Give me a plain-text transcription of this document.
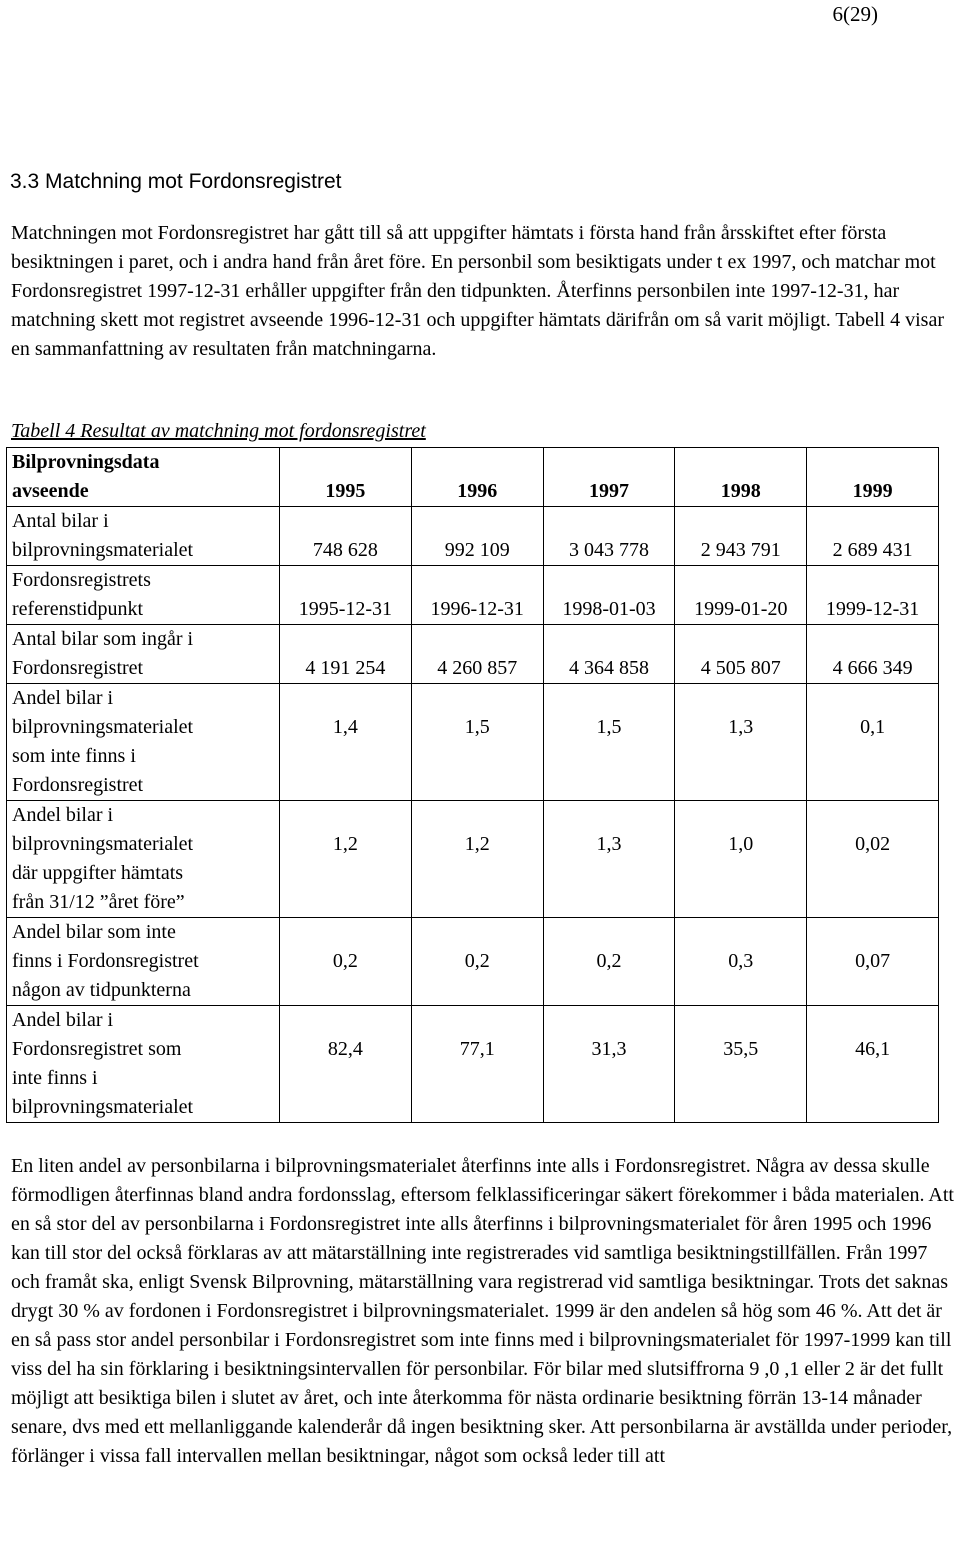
6(29)
3.3 Matchning mot Fordonsregistret

Matchningen mot Fordonsregistret har gått till så att uppgifter hämtats i första hand från årsskiftet efter första besiktningen i paret, och i andra hand från året före. En personbil som besiktigats under t ex 1997, och matchar mot Fordonsregistret 1997-12-31 erhåller uppgifter från den tidpunkten. Återfinns personbilen inte 1997-12-31, har matchning skett mot registret avseende 1996-12-31 och uppgifter hämtats därifrån om så varit möjligt. Tabell 4 visar en sammanfattning av resultaten från matchningarna.

Tabell 4 Resultat av matchning mot fordonsregistret
Bilprovningsdata
avseende	1995	1996	1997	1998	1999
Antal bilar i
bilprovningsmaterialet	748 628	992 109	3 043 778	2 943 791	2 689 431
Fordonsregistrets
referenstidpunkt	1995-12-31	1996-12-31	1998-01-03	1999-01-20	1999-12-31
Antal bilar som ingår i
Fordonsregistret	4 191 254	4 260 857	4 364 858	4 505 807	4 666 349
Andel bilar i
bilprovningsmaterialet
som inte finns i
Fordonsregistret	1,4	1,5	1,5	1,3	0,1
Andel bilar i
bilprovningsmaterialet
där uppgifter hämtats
från 31/12 ”året före”	1,2	1,2	1,3	1,0	0,02
Andel bilar som inte
finns i Fordonsregistret
någon av tidpunkterna	0,2	0,2	0,2	0,3	0,07
Andel bilar i
Fordonsregistret som
inte finns i
bilprovningsmaterialet	82,4	77,1	31,3	35,5	46,1

En liten andel av personbilarna i bilprovningsmaterialet återfinns inte alls i Fordonsregistret. Några av dessa skulle förmodligen återfinnas bland andra fordonsslag, eftersom felklassificeringar säkert förekommer i båda materialen. Att en så stor del av personbilarna i Fordonsregistret inte alls återfinns i bilprovningsmaterialet för åren 1995 och 1996 kan till stor del också förklaras av att mätarställning inte registrerades vid samtliga besiktningstillfällen. Från 1997 och framåt ska, enligt Svensk Bilprovning, mätarställning vara registrerad vid samtliga besiktningar. Trots det saknas drygt 30 % av fordonen i Fordonsregistret i bilprovningsmaterialet. 1999 är den andelen så hög som 46 %. Att det är en så pass stor andel personbilar i Fordonsregistret som inte finns med i bilprovningsmaterialet för 1997-1999 kan till viss del ha sin förklaring i besiktningsintervallen för personbilar. För bilar med slutsiffrorna 9 ,0 ,1 eller 2 är det fullt möjligt att besiktiga bilen i slutet av året, och inte återkomma för nästa ordinarie besiktning förrän 13-14 månader senare, dvs med ett mellanliggande kalenderår då ingen besiktning sker. Att personbilarna är avställda under perioder, förlänger i vissa fall intervallen mellan besiktningar, något som också leder till att
